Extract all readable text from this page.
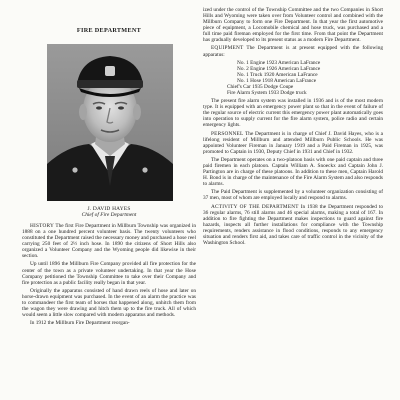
FIRE DEPARTMENT
J. DAVID HAYES
Chief of Fire Department

HISTORY The first Fire Department in Millburn Township was organized in 1888 on a one hundred percent volunteer basis. The twenty volunteers who constituted the Department raised the necessary money and purchased a hose reel carrying 250 feet of 2½ inch hose. In 1890 the citizens of Short Hills also organized a Volunteer Company and the Wyoming people did likewise in their section.

Up until 1896 the Millburn Fire Company provided all fire protection for the center of the town as a private volunteer undertaking. In that year the Hose Company petitioned the Township Committee to take over their Company and fire protection as a public facility really began in that year.

Originally the apparatus consisted of hand drawn reels of hose and later on horse-drawn equipment was purchased. In the event of an alarm the practice was to commandeer the first team of horses that happened along, unhitch them from the wagon they were drawing and hitch them up to the fire truck. All of which would seem a little slow compared with modern apparatus and methods.

In 1912 the Millburn Fire Department reorgan-

ized under the control of the Township Committee and the two Companies in Short Hills and Wyoming were taken over from Volunteer control and combined with the Millburn Company to form one Fire Department. In that year the first automotive piece of equipment, a Locomobile chemical and hose truck, was purchased and a full time paid fireman employed for the first time. From that point the Department has gradually developed to its present status as a modern Fire Department.

EQUIPMENT The Department is at present equipped with the following apparatus:

No. 1 Engine 1923 American LaFrance
No. 2 Engine 1926 American LaFrance
No. 1 Truck 1920 American LaFrance
No. 1 Hose 1918 American LaFrance
Chief's Car 1935 Dodge Coupe
Fire Alarm System 1933 Dodge truck

The present fire alarm system was installed in 1936 and is of the most modern type. It is equipped with an emergency power plant so that in the event of failure of the regular source of electric current this emergency power plant automatically goes into operation to supply current for the fire alarm system, police radio and certain emergency lights.

PERSONNEL The Department is in charge of Chief J. David Hayes, who is a lifelong resident of Millburn and attended Millburn Public Schools. He was appointed Volunteer Fireman in January 1919 and a Paid Fireman in 1925, was promoted to Captain in 1930, Deputy Chief in 1931 and Chief in 1932.

The Department operates on a two-platoon basis with one paid captain and three paid firemen in each platoon. Captain William A. Snoeckx and Captain John J. Partington are in charge of these platoons. In addition to these men, Captain Harold H. Bond is in charge of the maintenance of the Fire Alarm System and also responds to alarms.

The Paid Department is supplemented by a volunteer organization consisting of 37 men, most of whom are employed locally and respond to alarms.

ACTIVITY OF THE DEPARTMENT In 1938 the Department responded to 36 regular alarms, 76 still alarms and 46 special alarms, making a total of 167. In addition to fire fighting the Department makes inspections to guard against fire hazards, inspects all further installations for compliance with the Township requirements, renders assistance in flood conditions, responds to any emergency situation and renders first aid, and takes care of traffic control in the vicinity of the Washington School.
